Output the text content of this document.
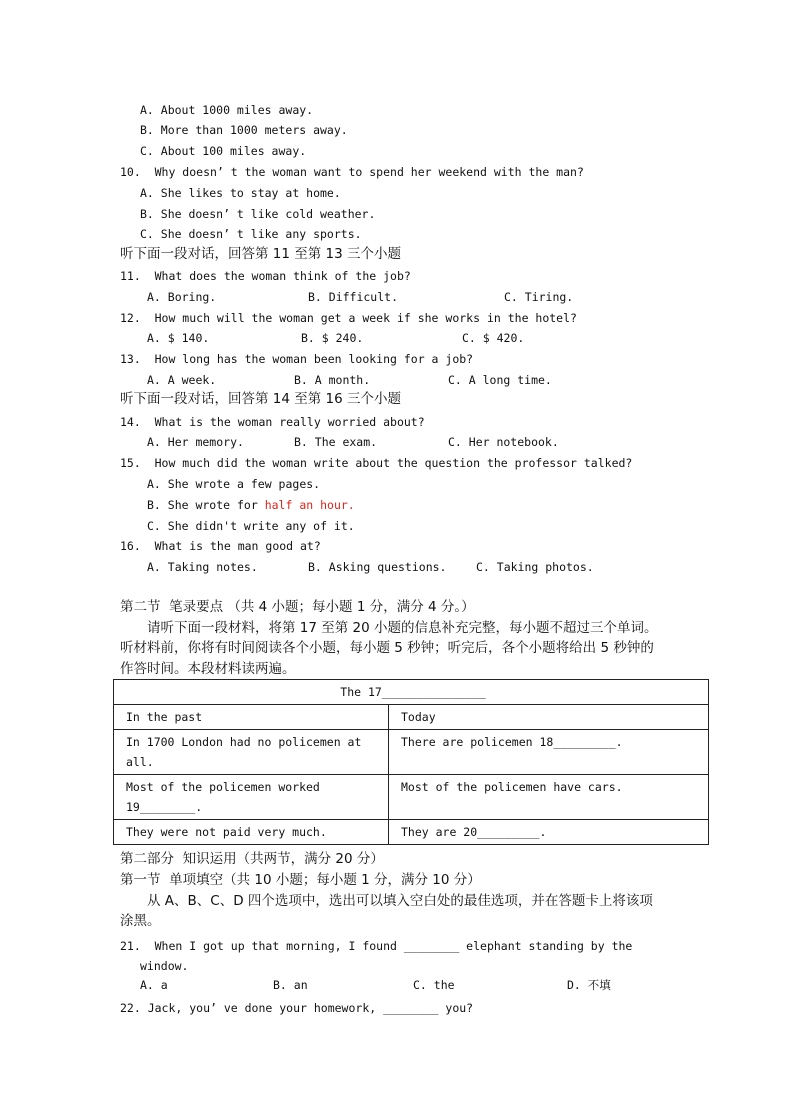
A. About 1000 miles away.
B. More than 1000 meters away.
C. About 100 miles away.
10.  Why doesn’ t the woman want to spend her weekend with the man?
A. She likes to stay at home.
B. She doesn’ t like cold weather.
C. She doesn’ t like any sports.
听下面一段对话，回答第 11 至第 13 三个小题
11.  What does the woman think of the job?
A. Boring.	B. Difficult.	C. Tiring.
12.  How much will the woman get a week if she works in the hotel?
A. $ 140.	B. $ 240.	C. $ 420.
13.  How long has the woman been looking for a job?
A. A week.	B. A month.	C. A long time.
听下面一段对话，回答第 14 至第 16 三个小题
14.  What is the woman really worried about?
A. Her memory.	B. The exam.	C. Her notebook.
15.  How much did the woman write about the question the professor talked?
A. She wrote a few pages.
B. She wrote for half an hour.
C. She didn't write any of it.
16.  What is the man good at?
A. Taking notes.	B. Asking questions.	C. Taking photos.
第二节  笔录要点 （共 4 小题；每小题 1 分，满分 4 分。）
请听下面一段材料，将第 17 至第 20 小题的信息补充完整，每小题不超过三个单词。
听材料前，你将有时间阅读各个小题，每小题 5 秒钟；听完后，各个小题将给出 5 秒钟的
作答时间。本段材料读两遍。
The 17_______________	
In the past	Today

In 1700 London had no policemen at all.	There are policemen 18_________.
Most of the policemen worked 19________.	Most of the policemen have cars.
They were not paid very much.	They are 20_________.
第二部分  知识运用（共两节，满分 20 分）
第一节  单项填空（共 10 小题；每小题 1 分，满分 10 分）
从 A、B、C、D 四个选项中，选出可以填入空白处的最佳选项，并在答题卡上将该项
涂黑。
21.  When I got up that morning, I found ________ elephant standing by the
window.
A. a	B. an	C. the	D. 不填
22. Jack, you’ ve done your homework, ________ you?
